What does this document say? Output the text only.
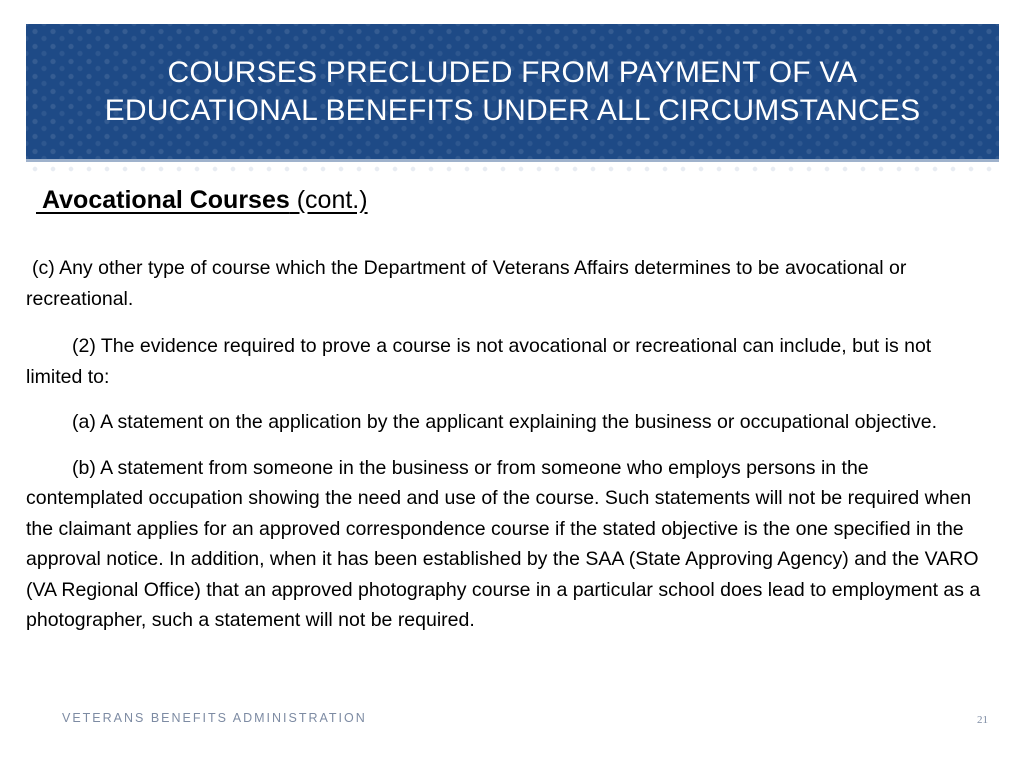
COURSES PRECLUDED FROM PAYMENT OF VA EDUCATIONAL BENEFITS UNDER ALL CIRCUMSTANCES
Avocational Courses (cont.)

(c) Any other type of course which the Department of Veterans Affairs determines to be avocational or recreational.

(2) The evidence required to prove a course is not avocational or recreational can include, but is not limited to:

(a) A statement on the application by the applicant explaining the business or occupational objective.

(b) A statement from someone in the business or from someone who employs persons in the contemplated occupation showing the need and use of the course. Such statements will not be required when the claimant applies for an approved correspondence course if the stated objective is the one specified in the approval notice. In addition, when it has been established by the SAA (State Approving Agency) and the VARO (VA Regional Office) that an approved photography course in a particular school does lead to employment as a photographer, such a statement will not be required.

VETERANS BENEFITS ADMINISTRATION	21
